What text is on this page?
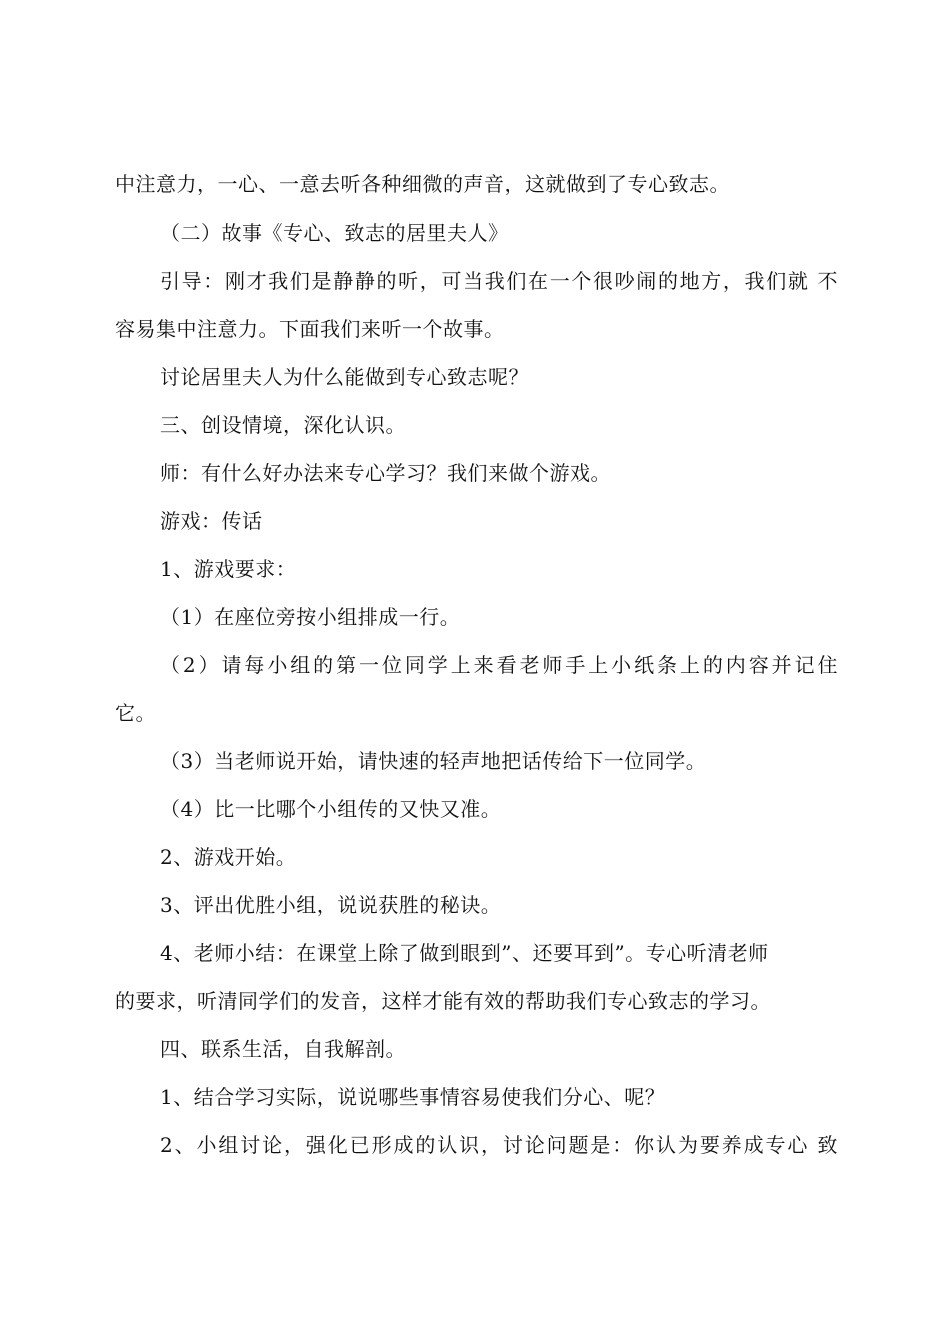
中注意力，一心、一意去听各种细微的声音，这就做到了专心致志。
（二）故事《专心、致志的居里夫人》
引导：刚才我们是静静的听，可当我们在一个很吵闹的地方，我们就 不
容易集中注意力。下面我们来听一个故事。
讨论居里夫人为什么能做到专心致志呢？
三、创设情境，深化认识。
师：有什么好办法来专心学习？我们来做个游戏。
游戏：传话
1、游戏要求：
（1）在座位旁按小组排成一行。
（2）请每小组的第一位同学上来看老师手上小纸条上的内容并记住
它。
（3）当老师说开始，请快速的轻声地把话传给下一位同学。
（4）比一比哪个小组传的又快又准。
2、游戏开始。
3、评出优胜小组，说说获胜的秘诀。
4、老师小结：在课堂上除了做到眼到”、还要耳到”。专心听清老师
的要求，听清同学们的发音，这样才能有效的帮助我们专心致志的学习。
四、联系生活，自我解剖。
1、结合学习实际，说说哪些事情容易使我们分心、呢？
2、小组讨论，强化已形成的认识，讨论问题是：你认为要养成专心 致
